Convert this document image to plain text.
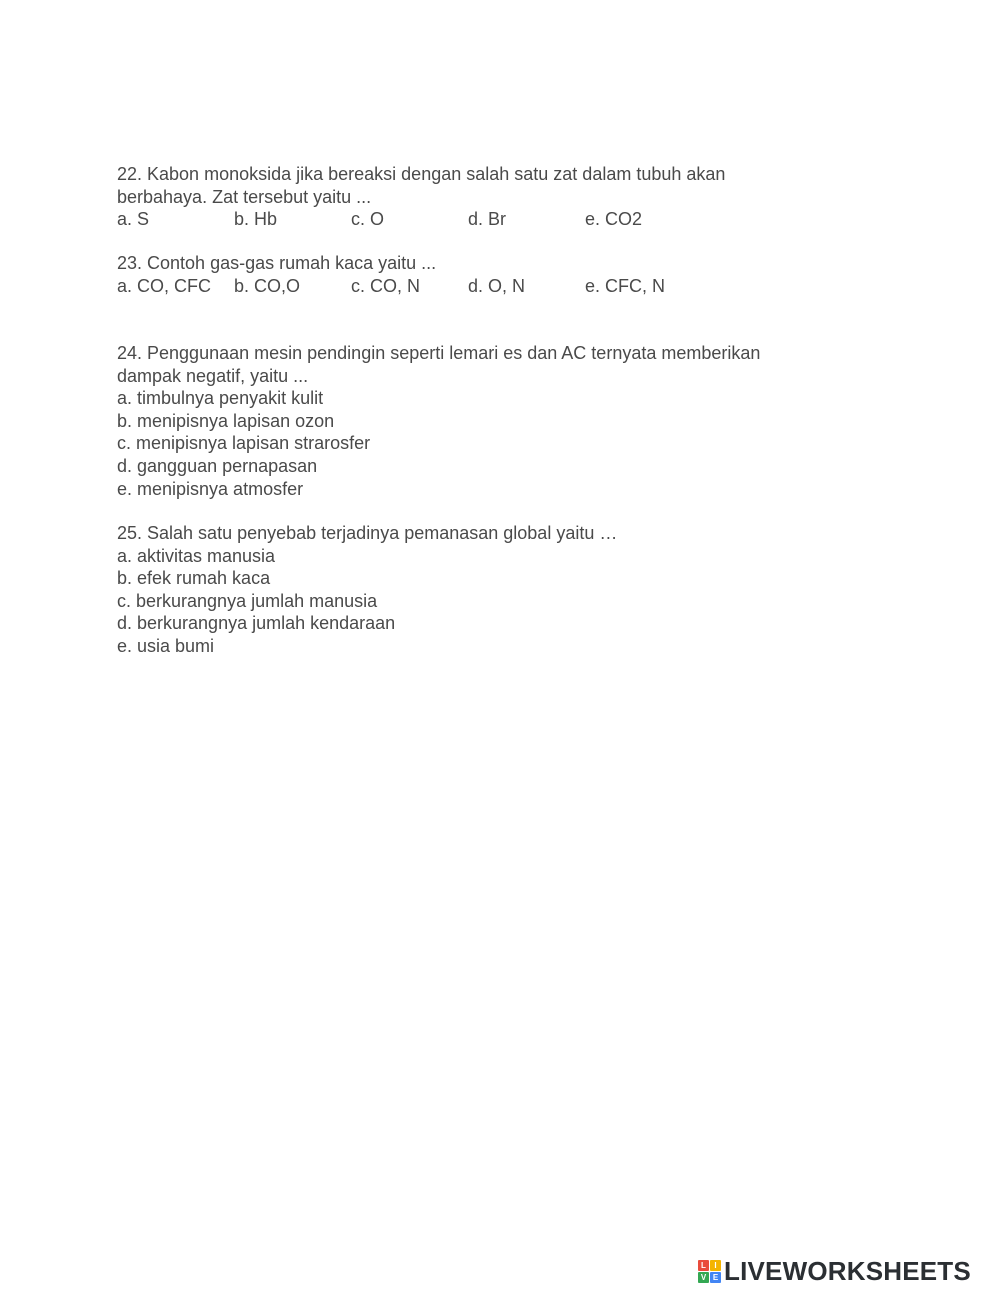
22. Kabon monoksida jika bereaksi dengan salah satu zat dalam tubuh akan

berbahaya. Zat tersebut yaitu ...

a. S	b. Hb	c. O	d. Br	e. CO2

23. Contoh gas-gas rumah kaca yaitu ...

a. CO, CFC	b. CO,O	c. CO, N	d. O, N	e. CFC, N

24. Penggunaan mesin pendingin seperti lemari es dan AC ternyata memberikan

dampak negatif, yaitu ...

a. timbulnya penyakit kulit

b. menipisnya lapisan ozon

c. menipisnya lapisan strarosfer

d. gangguan pernapasan

e. menipisnya atmosfer

25. Salah satu penyebab terjadinya pemanasan global yaitu …

a. aktivitas manusia

b. efek rumah kaca

c. berkurangnya jumlah manusia

d. berkurangnya jumlah kendaraan

e. usia bumi

L	I
V E LIVEWORKSHEETS
